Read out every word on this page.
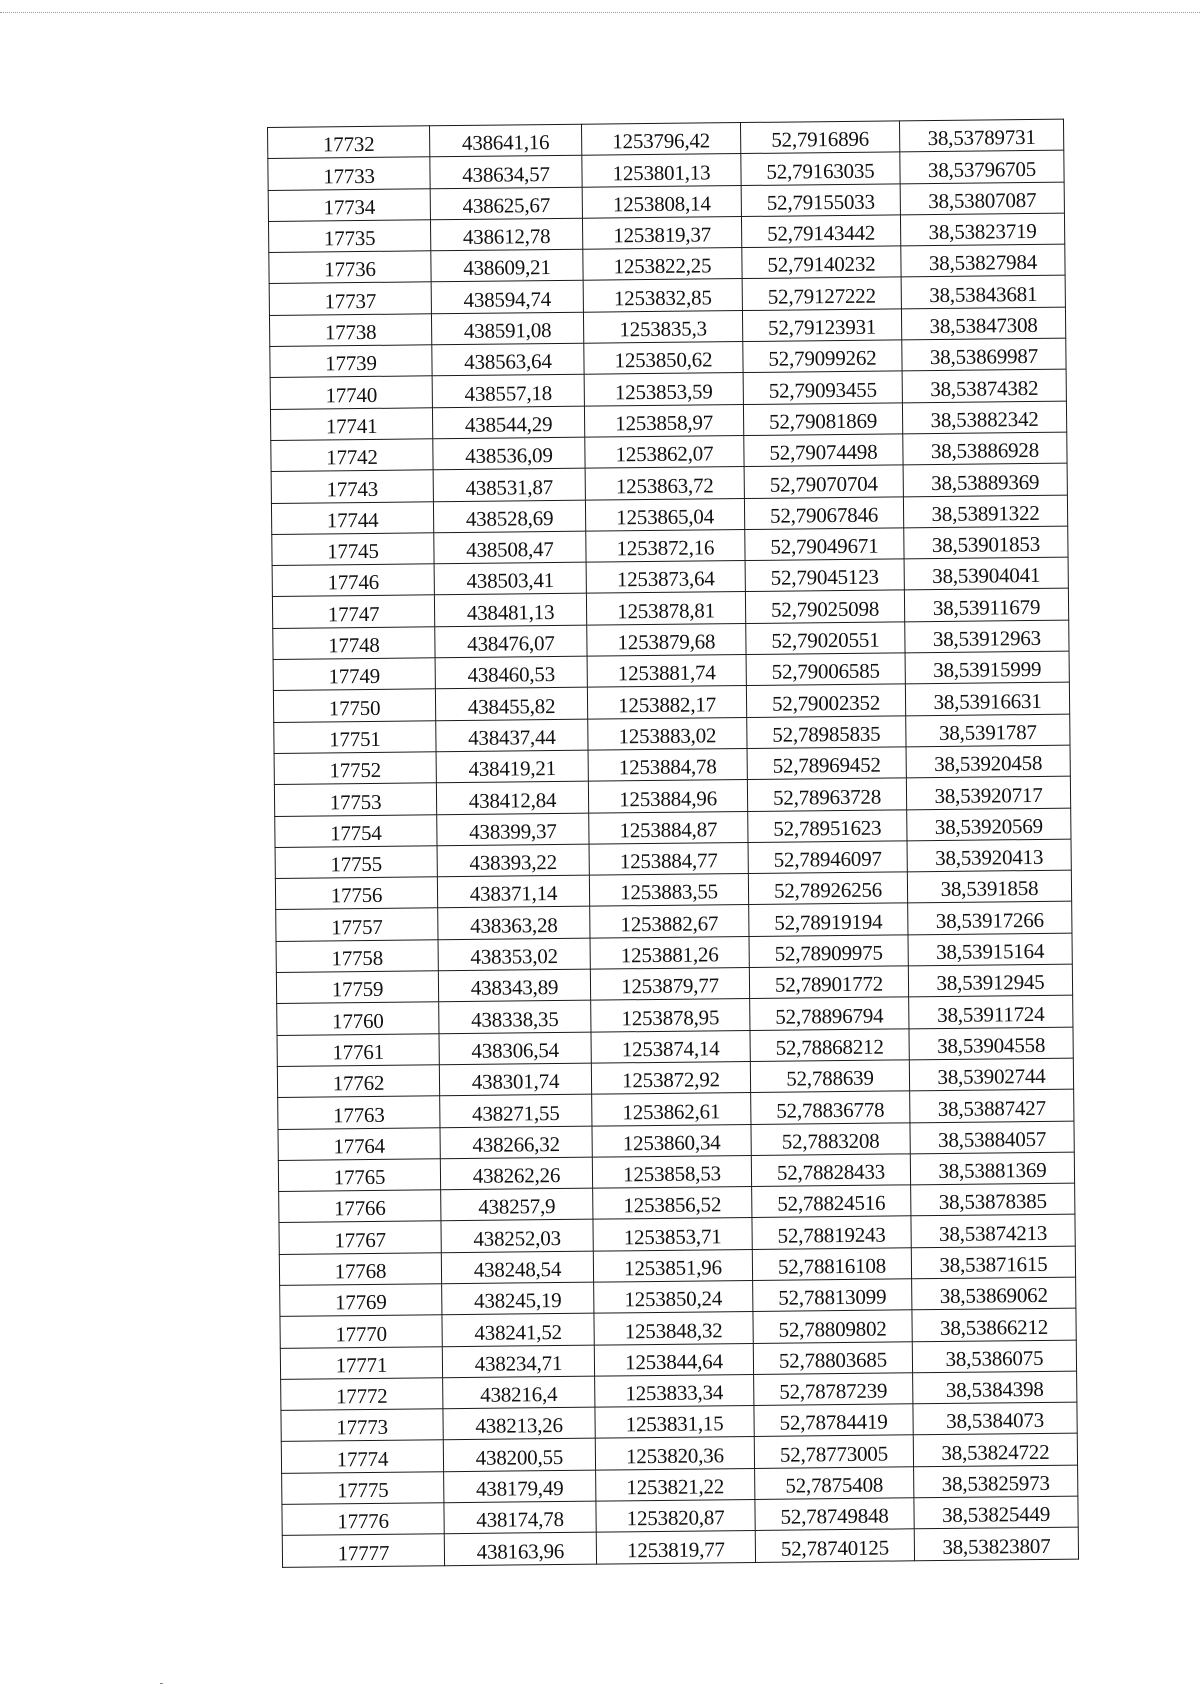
17732	438641,16	1253796,42	52,7916896	38,53789731
17733	438634,57	1253801,13	52,79163035	38,53796705
17734	438625,67	1253808,14	52,79155033	38,53807087
17735	438612,78	1253819,37	52,79143442	38,53823719
17736	438609,21	1253822,25	52,79140232	38,53827984
17737	438594,74	1253832,85	52,79127222	38,53843681
17738	438591,08	1253835,3	52,79123931	38,53847308
17739	438563,64	1253850,62	52,79099262	38,53869987
17740	438557,18	1253853,59	52,79093455	38,53874382
17741	438544,29	1253858,97	52,79081869	38,53882342
17742	438536,09	1253862,07	52,79074498	38,53886928
17743	438531,87	1253863,72	52,79070704	38,53889369
17744	438528,69	1253865,04	52,79067846	38,53891322
17745	438508,47	1253872,16	52,79049671	38,53901853
17746	438503,41	1253873,64	52,79045123	38,53904041
17747	438481,13	1253878,81	52,79025098	38,53911679
17748	438476,07	1253879,68	52,79020551	38,53912963
17749	438460,53	1253881,74	52,79006585	38,53915999
17750	438455,82	1253882,17	52,79002352	38,53916631
17751	438437,44	1253883,02	52,78985835	38,5391787
17752	438419,21	1253884,78	52,78969452	38,53920458
17753	438412,84	1253884,96	52,78963728	38,53920717
17754	438399,37	1253884,87	52,78951623	38,53920569
17755	438393,22	1253884,77	52,78946097	38,53920413
17756	438371,14	1253883,55	52,78926256	38,5391858
17757	438363,28	1253882,67	52,78919194	38,53917266
17758	438353,02	1253881,26	52,78909975	38,53915164
17759	438343,89	1253879,77	52,78901772	38,53912945
17760	438338,35	1253878,95	52,78896794	38,53911724
17761	438306,54	1253874,14	52,78868212	38,53904558
17762	438301,74	1253872,92	52,788639	38,53902744
17763	438271,55	1253862,61	52,78836778	38,53887427
17764	438266,32	1253860,34	52,7883208	38,53884057
17765	438262,26	1253858,53	52,78828433	38,53881369
17766	438257,9	1253856,52	52,78824516	38,53878385
17767	438252,03	1253853,71	52,78819243	38,53874213
17768	438248,54	1253851,96	52,78816108	38,53871615
17769	438245,19	1253850,24	52,78813099	38,53869062
17770	438241,52	1253848,32	52,78809802	38,53866212
17771	438234,71	1253844,64	52,78803685	38,5386075
17772	438216,4	1253833,34	52,78787239	38,5384398
17773	438213,26	1253831,15	52,78784419	38,5384073
17774	438200,55	1253820,36	52,78773005	38,53824722
17775	438179,49	1253821,22	52,7875408	38,53825973
17776	438174,78	1253820,87	52,78749848	38,53825449
17777	438163,96	1253819,77	52,78740125	38,53823807
